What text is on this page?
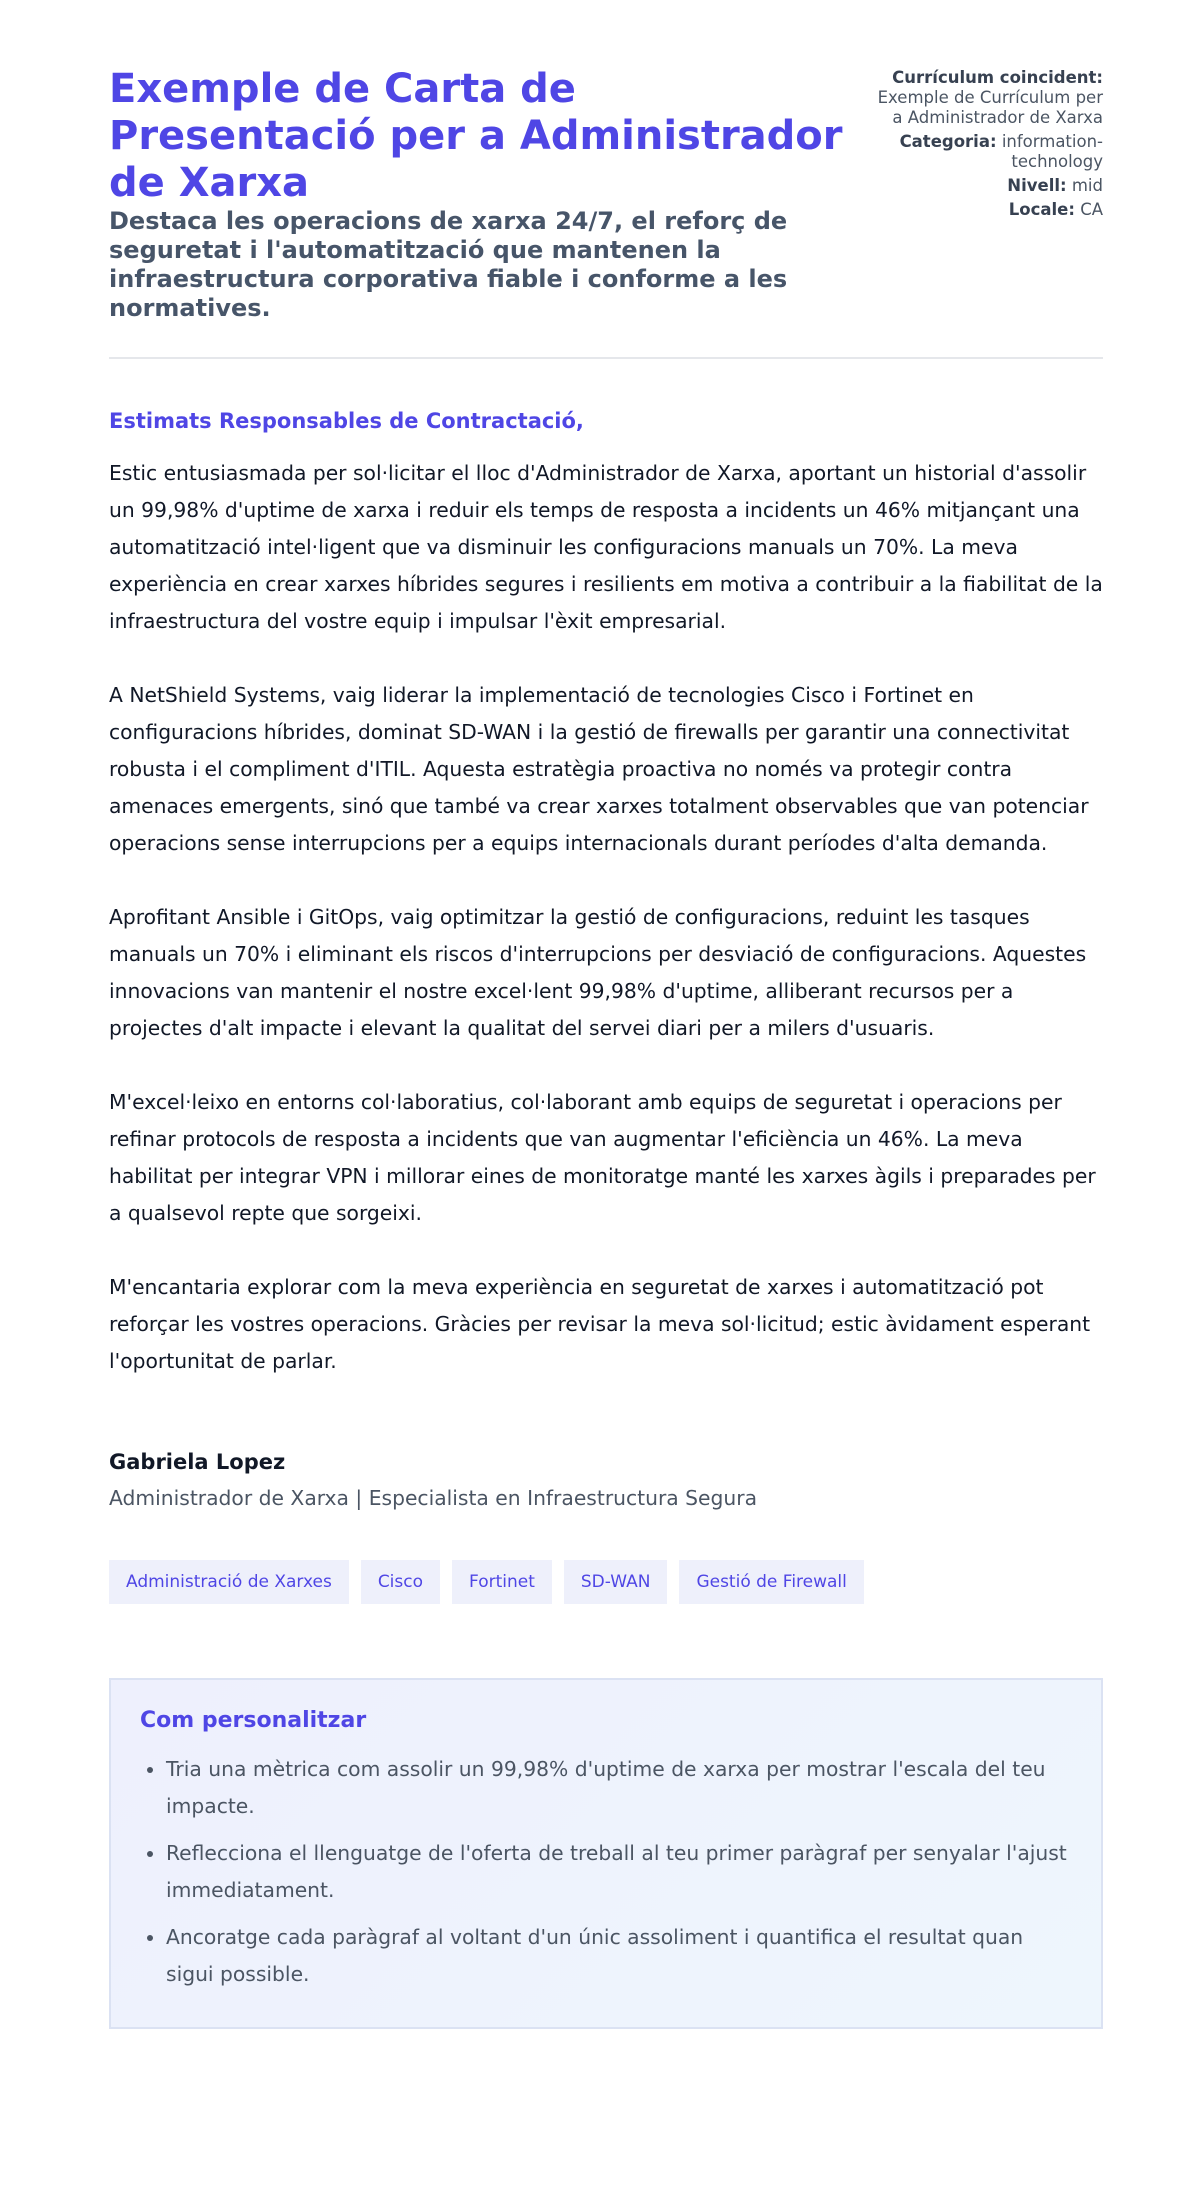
Exemple de Carta de Presentació per a Administrador de Xarxa

Destaca les operacions de xarxa 24/7, el reforç de seguretat i l'automatització que mantenen la infraestructura corporativa fiable i conforme a les normatives.

Currículum coincident: Exemple de Currículum per a Administrador de Xarxa
Categoria: information-technology
Nivell: mid
Locale: CA

Estimats Responsables de Contractació,

Estic entusiasmada per sol·licitar el lloc d'Administrador de Xarxa, aportant un historial d'assolir un 99,98% d'uptime de xarxa i reduir els temps de resposta a incidents un 46% mitjançant una automatització intel·ligent que va disminuir les configuracions manuals un 70%. La meva experiència en crear xarxes híbrides segures i resilients em motiva a contribuir a la fiabilitat de la infraestructura del vostre equip i impulsar l'èxit empresarial.

A NetShield Systems, vaig liderar la implementació de tecnologies Cisco i Fortinet en configuracions híbrides, dominat SD-WAN i la gestió de firewalls per garantir una connectivitat robusta i el compliment d'ITIL. Aquesta estratègia proactiva no només va protegir contra amenaces emergents, sinó que també va crear xarxes totalment observables que van potenciar operacions sense interrupcions per a equips internacionals durant períodes d'alta demanda.

Aprofitant Ansible i GitOps, vaig optimitzar la gestió de configuracions, reduint les tasques manuals un 70% i eliminant els riscos d'interrupcions per desviació de configuracions. Aquestes innovacions van mantenir el nostre excel·lent 99,98% d'uptime, alliberant recursos per a projectes d'alt impacte i elevant la qualitat del servei diari per a milers d'usuaris.

M'excel·leixo en entorns col·laboratius, col·laborant amb equips de seguretat i operacions per refinar protocols de resposta a incidents que van augmentar l'eficiència un 46%. La meva habilitat per integrar VPN i millorar eines de monitoratge manté les xarxes àgils i preparades per a qualsevol repte que sorgeixi.

M'encantaria explorar com la meva experiència en seguretat de xarxes i automatització pot reforçar les vostres operacions. Gràcies per revisar la meva sol·licitud; estic àvidament esperant l'oportunitat de parlar.

Gabriela Lopez
Administrador de Xarxa | Especialista en Infraestructura Segura
Administració de Xarxes	Cisco	Fortinet	SD-WAN	Gestió de Firewall
Com personalitzar
• Tria una mètrica com assolir un 99,98% d'uptime de xarxa per mostrar l'escala del teu impacte.
• Reflecciona el llenguatge de l'oferta de treball al teu primer paràgraf per senyalar l'ajust immediatament.
• Ancoratge cada paràgraf al voltant d'un únic assoliment i quantifica el resultat quan sigui possible.
